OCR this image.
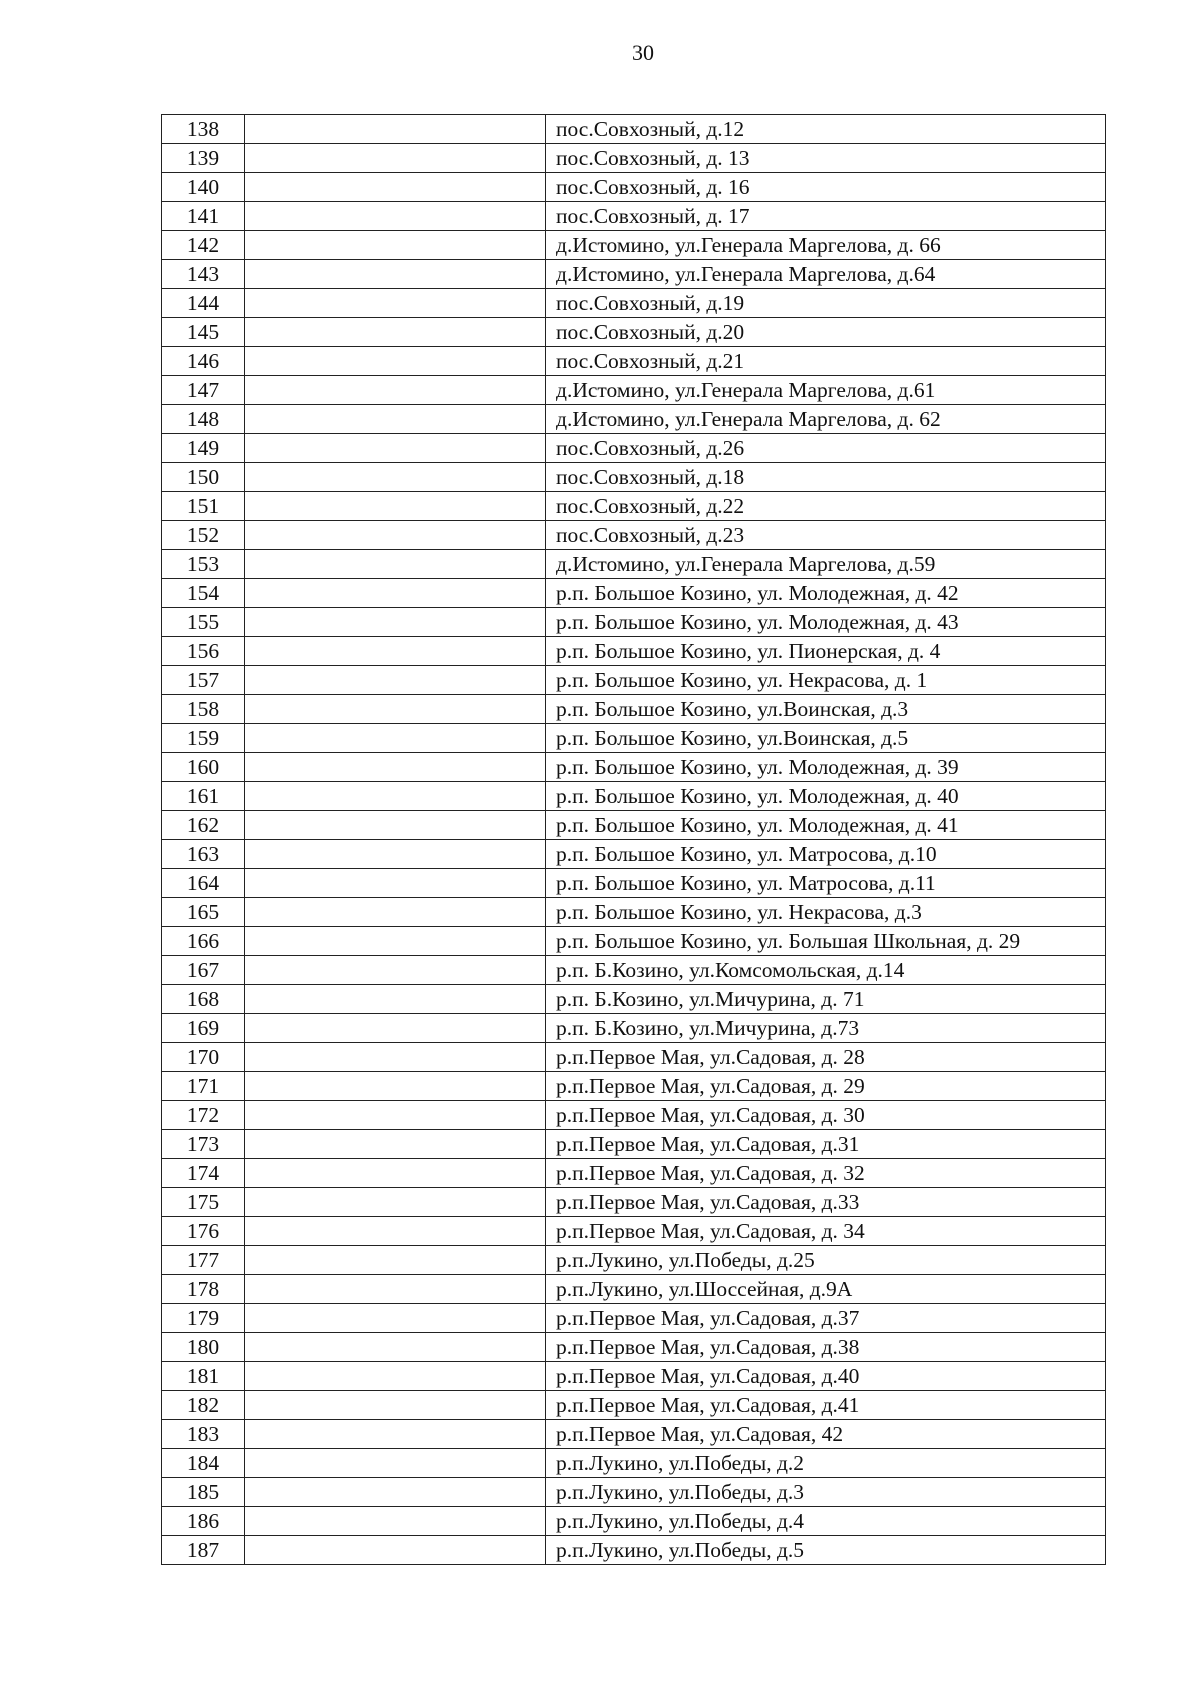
30
138		пос.Совхозный, д.12
139		пос.Совхозный, д. 13
140		пос.Совхозный, д. 16
141		пос.Совхозный, д. 17
142		д.Истомино, ул.Генерала Маргелова, д. 66
143		д.Истомино, ул.Генерала Маргелова, д.64
144		пос.Совхозный, д.19
145		пос.Совхозный, д.20
146		пос.Совхозный, д.21
147		д.Истомино, ул.Генерала Маргелова, д.61
148		д.Истомино, ул.Генерала Маргелова, д. 62
149		пос.Совхозный, д.26
150		пос.Совхозный, д.18
151		пос.Совхозный, д.22
152		пос.Совхозный, д.23
153		д.Истомино, ул.Генерала Маргелова, д.59
154		р.п. Большое Козино, ул. Молодежная, д. 42
155		р.п. Большое Козино, ул. Молодежная, д. 43
156		р.п. Большое Козино, ул. Пионерская, д. 4
157		р.п. Большое Козино, ул. Некрасова, д. 1
158		р.п. Большое Козино, ул.Воинская, д.3
159		р.п. Большое Козино, ул.Воинская, д.5
160		р.п. Большое Козино, ул. Молодежная, д. 39
161		р.п. Большое Козино, ул. Молодежная, д. 40
162		р.п. Большое Козино, ул. Молодежная, д. 41
163		р.п. Большое Козино, ул. Матросова, д.10
164		р.п. Большое Козино, ул. Матросова, д.11
165		р.п. Большое Козино, ул. Некрасова, д.3
166		р.п. Большое Козино, ул. Большая Школьная, д. 29
167		р.п. Б.Козино, ул.Комсомольская, д.14
168		р.п. Б.Козино, ул.Мичурина, д. 71
169		р.п. Б.Козино, ул.Мичурина, д.73
170		р.п.Первое Мая, ул.Садовая, д. 28
171		р.п.Первое Мая, ул.Садовая, д. 29
172		р.п.Первое Мая, ул.Садовая, д. 30
173		р.п.Первое Мая, ул.Садовая, д.31
174		р.п.Первое Мая, ул.Садовая, д. 32
175		р.п.Первое Мая, ул.Садовая, д.33
176		р.п.Первое Мая, ул.Садовая, д. 34
177		р.п.Лукино, ул.Победы, д.25
178		р.п.Лукино, ул.Шоссейная, д.9А
179		р.п.Первое Мая, ул.Садовая, д.37
180		р.п.Первое Мая, ул.Садовая, д.38
181		р.п.Первое Мая, ул.Садовая, д.40
182		р.п.Первое Мая, ул.Садовая, д.41
183		р.п.Первое Мая, ул.Садовая, 42
184		р.п.Лукино, ул.Победы, д.2
185		р.п.Лукино, ул.Победы, д.3
186		р.п.Лукино, ул.Победы, д.4
187		р.п.Лукино, ул.Победы, д.5
